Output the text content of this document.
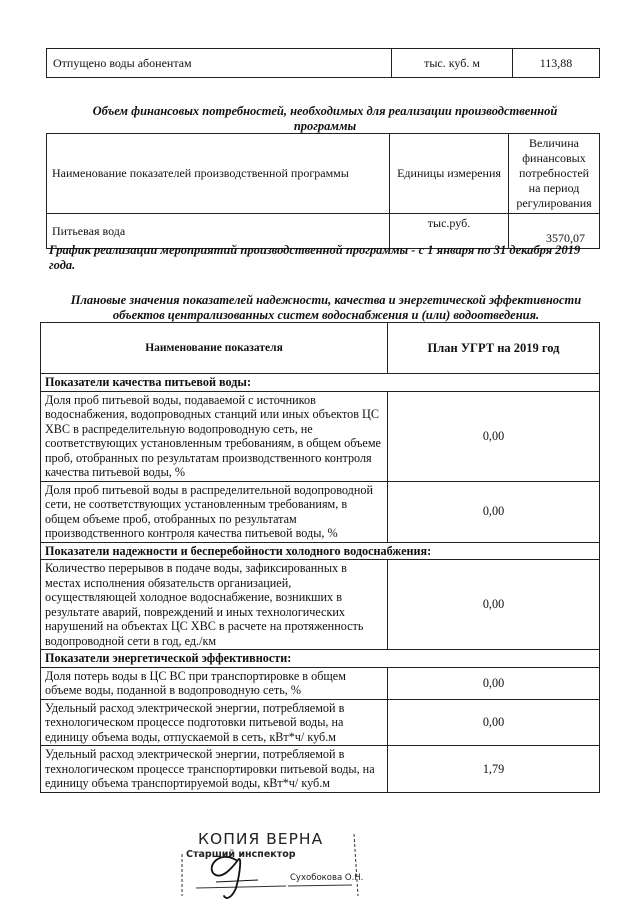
Отпущено воды абонентам	тыс. куб. м	113,88
Объем финансовых потребностей, необходимых для реализации производственной программы
Наименование показателей производственной программы	Единицы измерения	Величина финансовых потребностей на период регулирования
Питьевая вода	тыс.руб.	3570,07
График реализации мероприятий производственной программы - с 1 января по 31 декабря 2019 года.
Плановые значения показателей надежности, качества и энергетической эффективности объектов централизованных систем водоснабжения и (или) водоотведения.
Наименование показателя	План УГРТ на 2019 год
Показатели качества питьевой воды:	
Доля проб питьевой воды, подаваемой с источников водоснабжения, водопроводных станций или иных объектов ЦС ХВС в распределительную водопроводную сеть, не соответствующих установленным требованиям, в общем объеме проб, отобранных по результатам производственного контроля качества питьевой воды, %	0,00
Доля проб питьевой воды в распределительной водопроводной сети, не соответствующих установленным требованиям, в общем объеме проб, отобранных по результатам производственного контроля качества питьевой воды, %	0,00
Показатели надежности и бесперебойности холодного водоснабжения:	
Количество перерывов в подаче воды, зафиксированных в местах исполнения обязательств организацией, осуществляющей холодное водоснабжение, возникших в результате аварий, повреждений и иных технологических нарушений на объектах ЦС ХВС в расчете на протяженность водопроводной сети в год, ед./км	0,00
Показатели энергетической эффективности:	
Доля потерь воды в ЦС ВС при транспортировке в общем объеме воды, поданной в водопроводную сеть, %	0,00
Удельный расход электрической энергии, потребляемой в технологическом процессе подготовки питьевой воды, на единицу объема воды, отпускаемой в сеть, кВт*ч/ куб.м	0,00
Удельный расход электрической энергии, потребляемой в технологическом процессе транспортировки питьевой воды, на единицу объема транспортируемой воды, кВт*ч/ куб.м	1,79
КОПИЯ ВЕРНА
Старший инспектор
Сухобокова О.Н.
